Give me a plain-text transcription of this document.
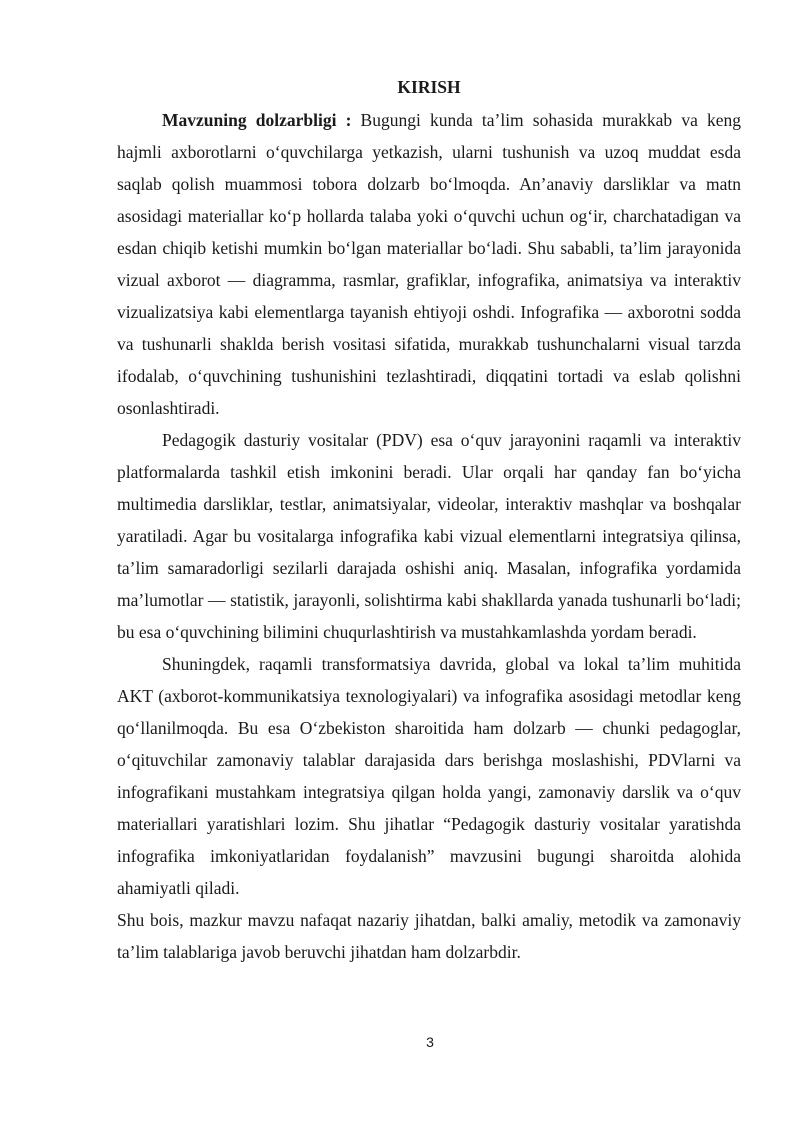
KIRISH

Mavzuning dolzarbligi : Bugungi kunda ta’lim sohasida murakkab va keng hajmli axborotlarni o‘quvchilarga yetkazish, ularni tushunish va uzoq muddat esda saqlab qolish muammosi tobora dolzarb bo‘lmoqda. An’anaviy darsliklar va matn asosidagi materiallar ko‘p hollarda talaba yoki o‘quvchi uchun og‘ir, charchatadigan va esdan chiqib ketishi mumkin bo‘lgan materiallar bo‘ladi. Shu sababli, ta’lim jarayonida vizual axborot — diagramma, rasmlar, grafiklar, infografika, animatsiya va interaktiv vizualizatsiya kabi elementlarga tayanish ehtiyoji oshdi. Infografika — axborotni sodda va tushunarli shaklda berish vositasi sifatida, murakkab tushunchalarni visual tarzda ifodalab, o‘quvchining tushunishini tezlashtiradi, diqqatini tortadi va eslab qolishni osonlashtiradi.

Pedagogik dasturiy vositalar (PDV) esa o‘quv jarayonini raqamli va interaktiv platformalarda tashkil etish imkonini beradi. Ular orqali har qanday fan bo‘yicha multimedia darsliklar, testlar, animatsiyalar, videolar, interaktiv mashqlar va boshqalar yaratiladi. Agar bu vositalarga infografika kabi vizual elementlarni integratsiya qilinsa, ta’lim samaradorligi sezilarli darajada oshishi aniq. Masalan, infografika yordamida ma’lumotlar — statistik, jarayonli, solishtirma kabi shakllarda yanada tushunarli bo‘ladi; bu esa o‘quvchining bilimini chuqurlashtirish va mustahkamlashda yordam beradi.

Shuningdek, raqamli transformatsiya davrida, global va lokal ta’lim muhitida AKT (axborot-kommunikatsiya texnologiyalari) va infografika asosidagi metodlar keng qo‘llanilmoqda. Bu esa O‘zbekiston sharoitida ham dolzarb — chunki pedagoglar, o‘qituvchilar zamonaviy talablar darajasida dars berishga moslashishi, PDVlarni va infografikani mustahkam integratsiya qilgan holda yangi, zamonaviy darslik va o‘quv materiallari yaratishlari lozim. Shu jihatlar “Pedagogik dasturiy vositalar yaratishda infografika imkoniyatlaridan foydalanish” mavzusini bugungi sharoitda alohida ahamiyatli qiladi.

Shu bois, mazkur mavzu nafaqat nazariy jihatdan, balki amaliy, metodik va zamonaviy ta’lim talablariga javob beruvchi jihatdan ham dolzarbdir.

3
